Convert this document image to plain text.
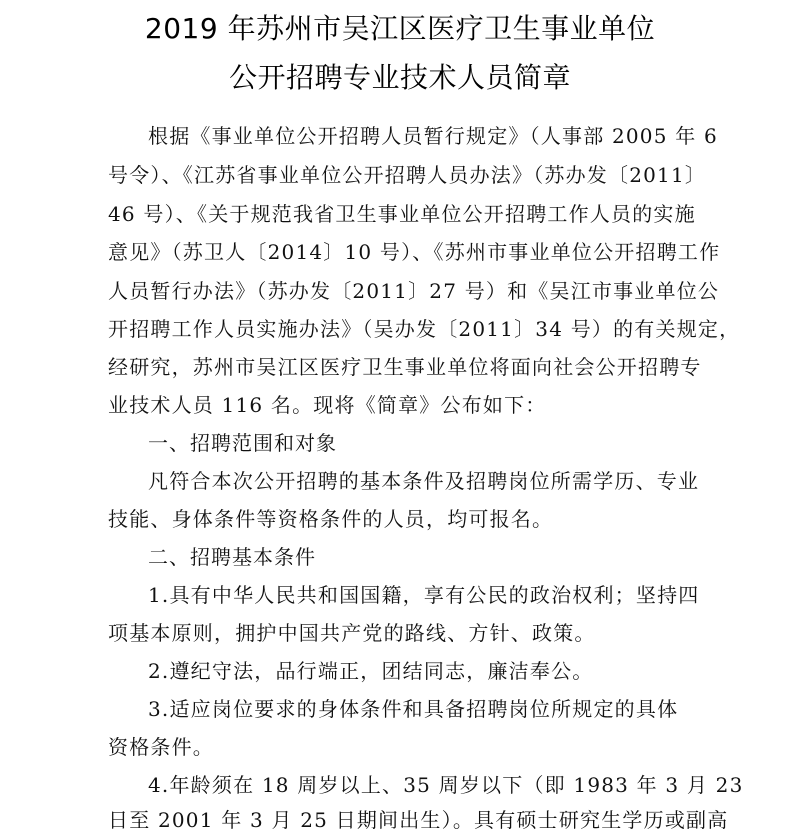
2019 年苏州市吴江区医疗卫生事业单位
公开招聘专业技术人员简章
根据《事业单位公开招聘人员暂行规定》（人事部 2005 年 6
号令）、《江苏省事业单位公开招聘人员办法》（苏办发〔2011〕
46 号）、《关于规范我省卫生事业单位公开招聘工作人员的实施
意见》（苏卫人〔2014〕10 号）、《苏州市事业单位公开招聘工作
人员暂行办法》（苏办发〔2011〕27 号）和《吴江市事业单位公
开招聘工作人员实施办法》（吴办发〔2011〕34 号）的有关规定，
经研究，苏州市吴江区医疗卫生事业单位将面向社会公开招聘专
业技术人员 116 名。现将《简章》公布如下：
一、招聘范围和对象
凡符合本次公开招聘的基本条件及招聘岗位所需学历、专业
技能、身体条件等资格条件的人员，均可报名。
二、招聘基本条件
1.具有中华人民共和国国籍，享有公民的政治权利；坚持四
项基本原则，拥护中国共产党的路线、方针、政策。
2.遵纪守法，品行端正，团结同志，廉洁奉公。
3.适应岗位要求的身体条件和具备招聘岗位所规定的具体
资格条件。
4.年龄须在 18 周岁以上、35 周岁以下（即 1983 年 3 月 23
日至 2001 年 3 月 25 日期间出生）。具有硕士研究生学历或副高
